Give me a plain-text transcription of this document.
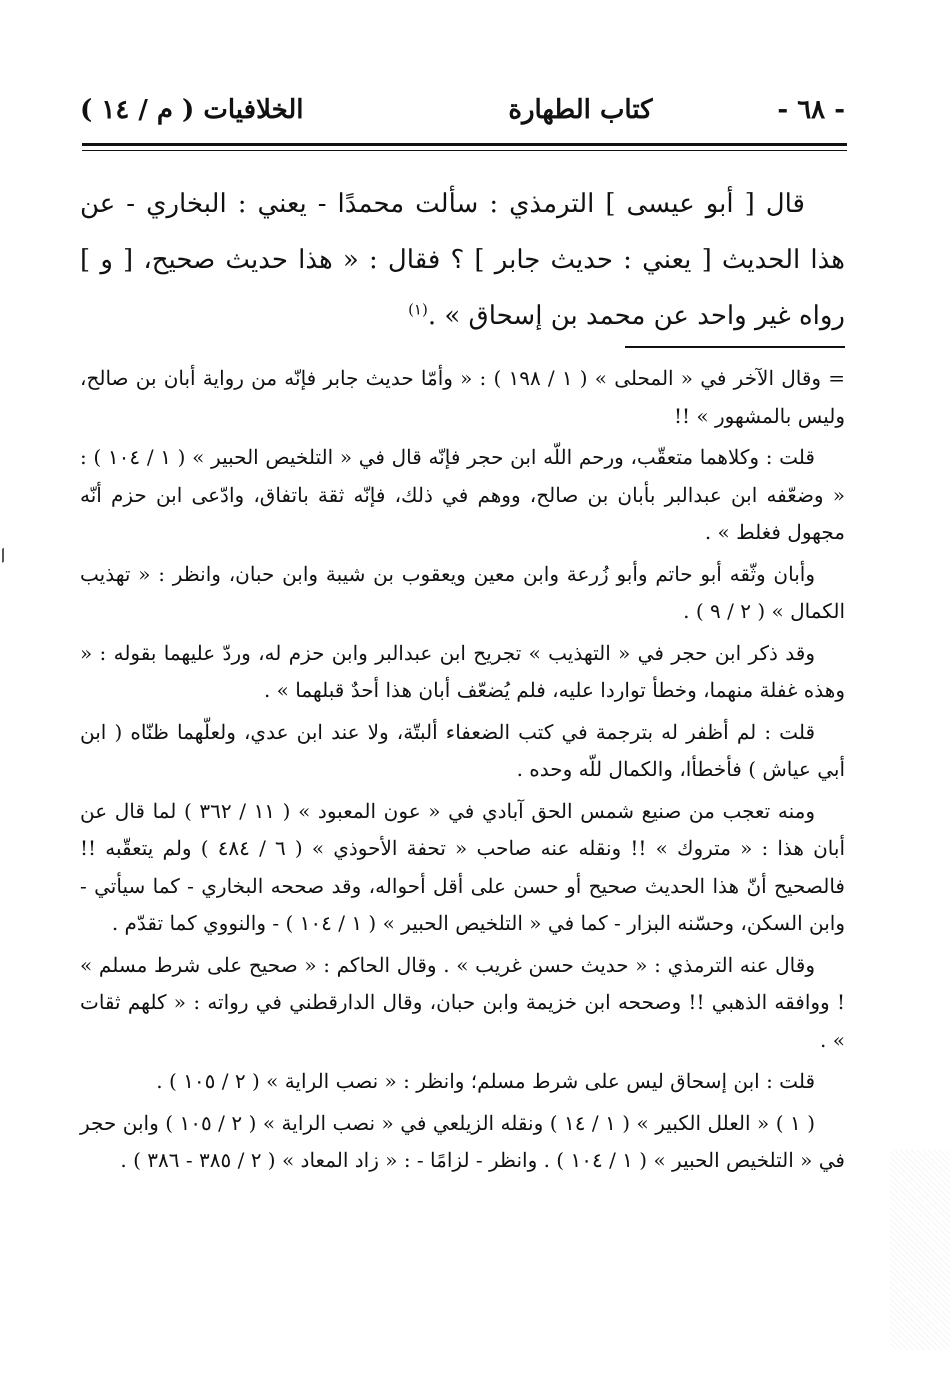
- ٦٨ -
كتاب الطهارة
الخلافيات ( م / ١٤ )

قال [ أبو عيسى ] الترمذي : سألت محمدًا - يعني : البخاري - عن هذا الحديث [ يعني : حديث جابر ] ؟ فقال : « هذا حديث صحيح، [ و ] رواه غير واحد عن محمد بن إسحاق » .$^{(١)}$

= وقال الآخر في « المحلى » ( ١ / ١٩٨ ) : « وأمّا حديث جابر فإنّه من رواية أبان بن صالح، وليس بالمشهور » !!

قلت : وكلاهما متعقّب، ورحم اللّه ابن حجر فإنّه قال في « التلخيص الحبير » ( ١ / ١٠٤ ) : « وضعّفه ابن عبدالبر بأبان بن صالح، ووهم في ذلك، فإنّه ثقة باتفاق، وادّعى ابن حزم أنّه مجهول فغلط » .

وأبان وثّقه أبو حاتم وأبو زُرعة وابن معين ويعقوب بن شيبة وابن حبان، وانظر : « تهذيب الكمال » ( ٢ / ٩ ) .

وقد ذكر ابن حجر في « التهذيب » تجريح ابن عبدالبر وابن حزم له، وردّ عليهما بقوله : « وهذه غفلة منهما، وخطأ تواردا عليه، فلم يُضعّف أبان هذا أحدٌ قبلهما » .

قلت : لم أظفر له بترجمة في كتب الضعفاء ألبتّة، ولا عند ابن عدي، ولعلّهما ظنّاه ( ابن أبي عياش ) فأخطأا، والكمال للّه وحده .

ومنه تعجب من صنيع شمس الحق آبادي في « عون المعبود » ( ١١ / ٣٦٢ ) لما قال عن أبان هذا : « متروك » !! ونقله عنه صاحب « تحفة الأحوذي » ( ٦ / ٤٨٤ ) ولم يتعقّبه !! فالصحيح أنّ هذا الحديث صحيح أو حسن على أقل أحواله، وقد صححه البخاري - كما سيأتي - وابن السكن، وحسّنه البزار - كما في « التلخيص الحبير » ( ١ / ١٠٤ ) - والنووي كما تقدّم .

وقال عنه الترمذي : « حديث حسن غريب » . وقال الحاكم : « صحيح على شرط مسلم » ! ووافقه الذهبي !! وصححه ابن خزيمة وابن حبان، وقال الدارقطني في رواته : « كلهم ثقات » .

قلت : ابن إسحاق ليس على شرط مسلم؛ وانظر : « نصب الراية » ( ٢ / ١٠٥ ) .

( ١ ) « العلل الكبير » ( ١ / ١٤ ) ونقله الزيلعي في « نصب الراية » ( ٢ / ١٠٥ ) وابن حجر في « التلخيص الحبير » ( ١ / ١٠٤ ) . وانظر - لزامًا - : « زاد المعاد » ( ٢ / ٣٨٥ - ٣٨٦ ) .
